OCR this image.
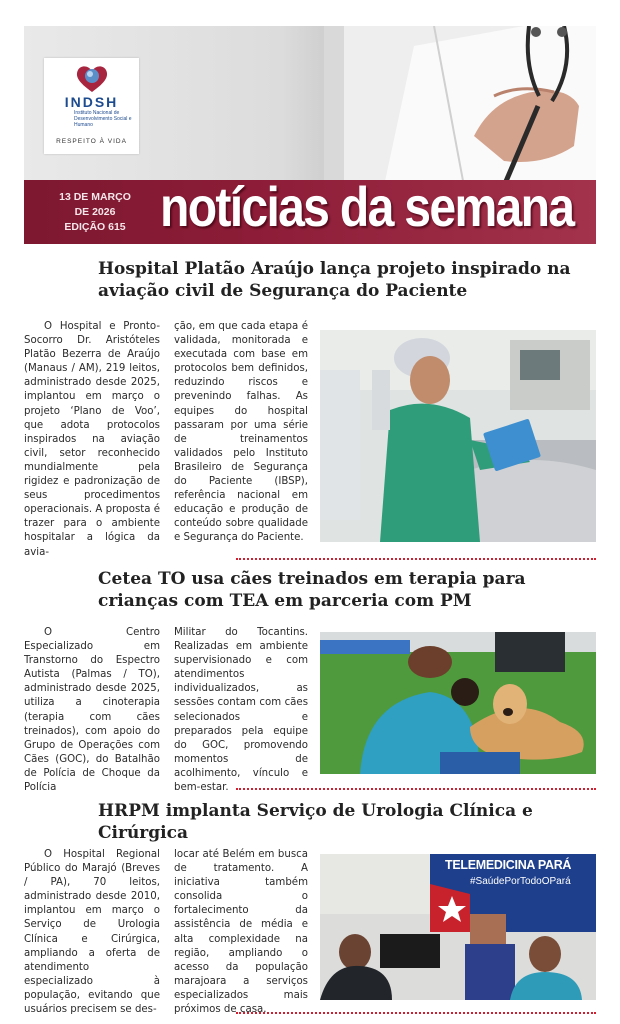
INDSH
Instituto Nacional de Desenvolvimento Social e Humano
RESPEITO À VIDA
13 DE MARÇO
DE 2026
EDIÇÃO 615 notícias da semana
Hospital Platão Araújo lança projeto inspirado na aviação civil de Segurança do Paciente
O Hospital e Pronto-Socorro Dr. Aristóteles Platão Bezerra de Araújo (Manaus / AM), 219 leitos, administrado desde 2025, implantou em março o projeto ‘Plano de Voo’, que adota protocolos inspirados na aviação civil, setor reconhecido mundialmente pela rigidez e padronização de seus procedimentos operacionais. A proposta é trazer para o ambiente hospitalar a lógica da avia-
ção, em que cada etapa é validada, monitorada e executada com base em protocolos bem definidos, reduzindo riscos e prevenindo falhas. As equipes do hospital passaram por uma série de treinamentos validados pelo Instituto Brasileiro de Segurança do Paciente (IBSP), referência nacional em educação e produção de conteúdo sobre qualidade e Segurança do Paciente.
Cetea TO usa cães treinados em terapia para crianças com TEA em parceria com PM
O Centro Especializado em Transtorno do Espectro Autista (Palmas / TO), administrado desde 2025, utiliza a cinoterapia (terapia com cães treinados), com apoio do Grupo de Operações com Cães (GOC), do Batalhão de Polícia de Choque da Polícia
Militar do Tocantins. Realizadas em ambiente supervisionado e com atendimentos individualizados, as sessões contam com cães selecionados e preparados pela equipe do GOC, promovendo momentos de acolhimento, vínculo e bem-estar.
HRPM implanta Serviço de Urologia Clínica e Cirúrgica
O Hospital Regional Público do Marajó (Breves / PA), 70 leitos, administrado desde 2010, implantou em março o Serviço de Urologia Clínica e Cirúrgica, ampliando a oferta de atendimento especializado à população, evitando que usuários precisem se des-
locar até Belém em busca de tratamento. A iniciativa também consolida o fortalecimento da assistência de média e alta complexidade na região, ampliando o acesso da população marajoara a serviços especializados mais próximos de casa.
TELEMEDICINA PARÁ
#SaúdePorTodoOPará
